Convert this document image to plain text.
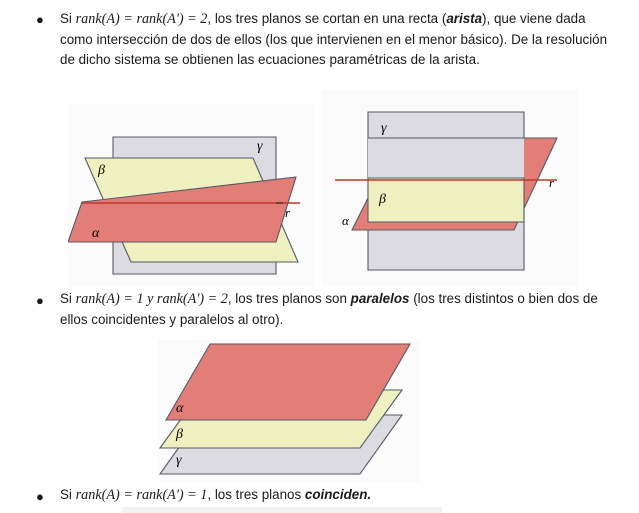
● Si rank(A) = rank(A') = 2, los tres planos se cortan en una recta (arista), que viene dada como intersección de dos de ellos (los que intervienen en el menor básico). De la resolución de dicho sistema se obtienen las ecuaciones paramétricas de la arista.
β
γ
α
r
γ
β
α
r
● Si rank(A) = 1 y rank(A') = 2, los tres planos son paralelos (los tres distintos o bien dos de ellos coincidentes y paralelos al otro).
α
β
γ
● Si rank(A) = rank(A') = 1, los tres planos coinciden.
